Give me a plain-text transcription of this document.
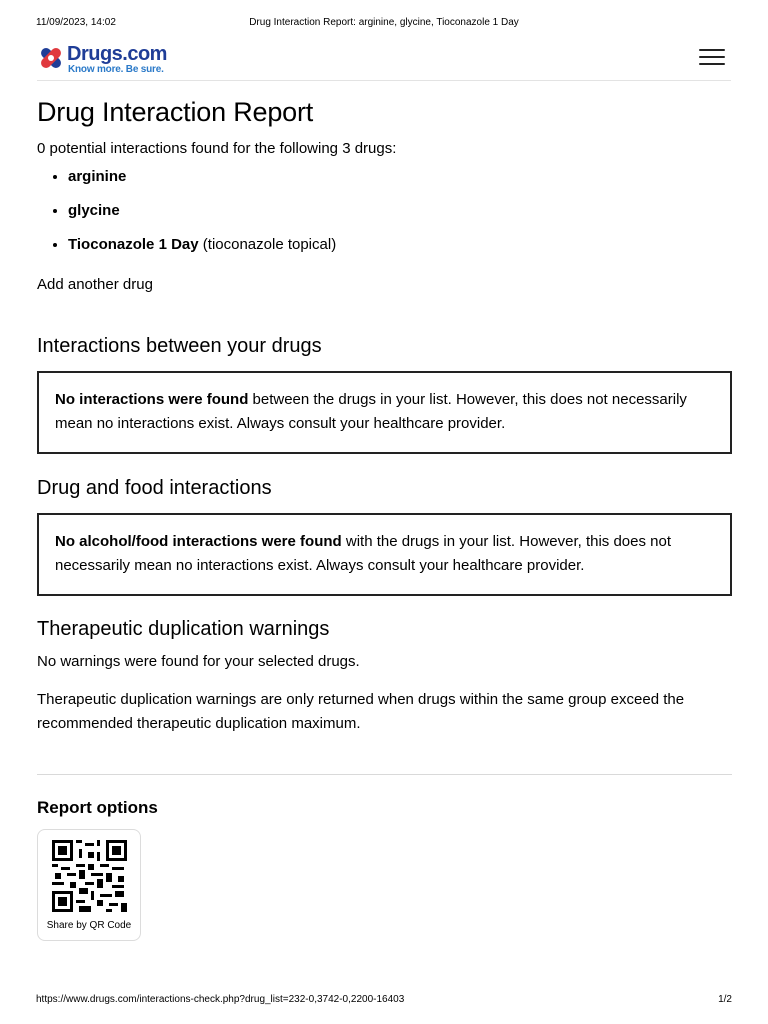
11/09/2023, 14:02	Drug Interaction Report: arginine, glycine, Tioconazole 1 Day
Drugs.com
Know more. Be sure.
Drug Interaction Report
0 potential interactions found for the following 3 drugs:
• arginine
• glycine
• Tioconazole 1 Day (tioconazole topical)
Add another drug
Interactions between your drugs
No interactions were found between the drugs in your list. However, this does not necessarily mean no interactions exist. Always consult your healthcare provider.
Drug and food interactions
No alcohol/food interactions were found with the drugs in your list. However, this does not necessarily mean no interactions exist. Always consult your healthcare provider.
Therapeutic duplication warnings

No warnings were found for your selected drugs.

Therapeutic duplication warnings are only returned when drugs within the same group exceed the recommended therapeutic duplication maximum.

Report options
Share by QR Code
https://www.drugs.com/interactions-check.php?drug_list=232-0,3742-0,2200-16403	1/2
